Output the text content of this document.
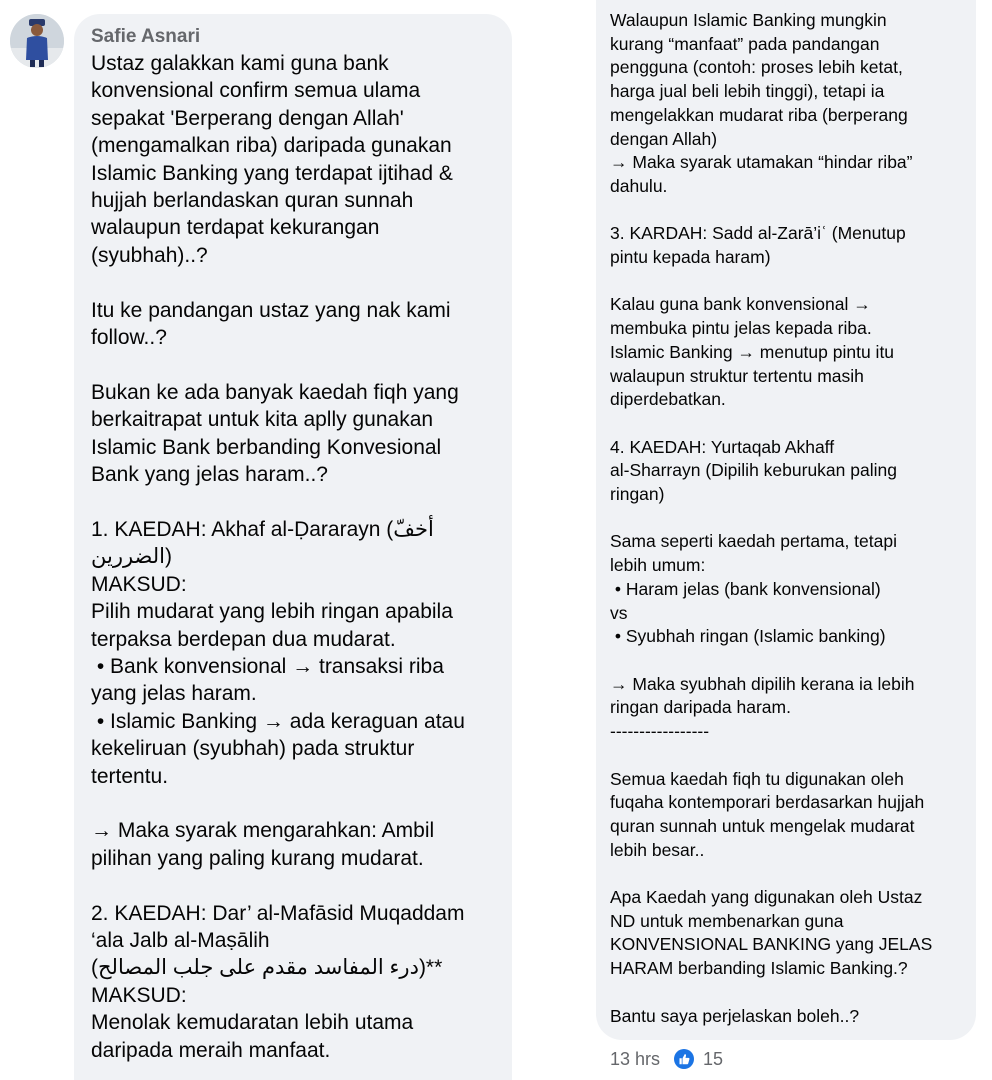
Safie Asnari
Ustaz galakkan kami guna bank
konvensional confirm semua ulama
sepakat 'Berperang dengan Allah'
(mengamalkan riba) daripada gunakan
Islamic Banking yang terdapat ijtihad &
hujjah berlandaskan quran sunnah
walaupun terdapat kekurangan
(syubhah)..?

Itu ke pandangan ustaz yang nak kami
follow..?

Bukan ke ada banyak kaedah fiqh yang
berkaitrapat untuk kita aplly gunakan
Islamic Bank berbanding Konvesional
Bank yang jelas haram..?

1. KAEDAH: Akhaf al-Ḍararayn (أخفّ
الضررين)
MAKSUD:
Pilih mudarat yang lebih ringan apabila
terpaksa berdepan dua mudarat.
• Bank konvensional → transaksi riba
yang jelas haram.
• Islamic Banking → ada keraguan atau
kekeliruan (syubhah) pada struktur
tertentu.

→ Maka syarak mengarahkan: Ambil
pilihan yang paling kurang mudarat.

2. KAEDAH: Dar’ al-Mafāsid Muqaddam
‘ala Jalb al-Maṣālih
(درء المفاسد مقدم على جلب المصالح)**
MAKSUD:
Menolak kemudaratan lebih utama
daripada meraih manfaat.
Walaupun Islamic Banking mungkin
kurang “manfaat” pada pandangan
pengguna (contoh: proses lebih ketat,
harga jual beli lebih tinggi), tetapi ia
mengelakkan mudarat riba (berperang
dengan Allah)
→ Maka syarak utamakan “hindar riba”
dahulu.

3. KARDAH: Sadd al-Zarā’iʿ (Menutup
pintu kepada haram)

Kalau guna bank konvensional →
membuka pintu jelas kepada riba.
Islamic Banking → menutup pintu itu
walaupun struktur tertentu masih
diperdebatkan.

4. KAEDAH: Yurtaqab Akhaff
al-Sharrayn (Dipilih keburukan paling
ringan)

Sama seperti kaedah pertama, tetapi
lebih umum:
• Haram jelas (bank konvensional)
vs
• Syubhah ringan (Islamic banking)

→ Maka syubhah dipilih kerana ia lebih
ringan daripada haram.
-----------------

Semua kaedah fiqh tu digunakan oleh
fuqaha kontemporari berdasarkan hujjah
quran sunnah untuk mengelak mudarat
lebih besar..

Apa Kaedah yang digunakan oleh Ustaz
ND untuk membenarkan guna
KONVENSIONAL BANKING yang JELAS
HARAM berbanding Islamic Banking.?

Bantu saya perjelaskan boleh..?
13 hrs 15
